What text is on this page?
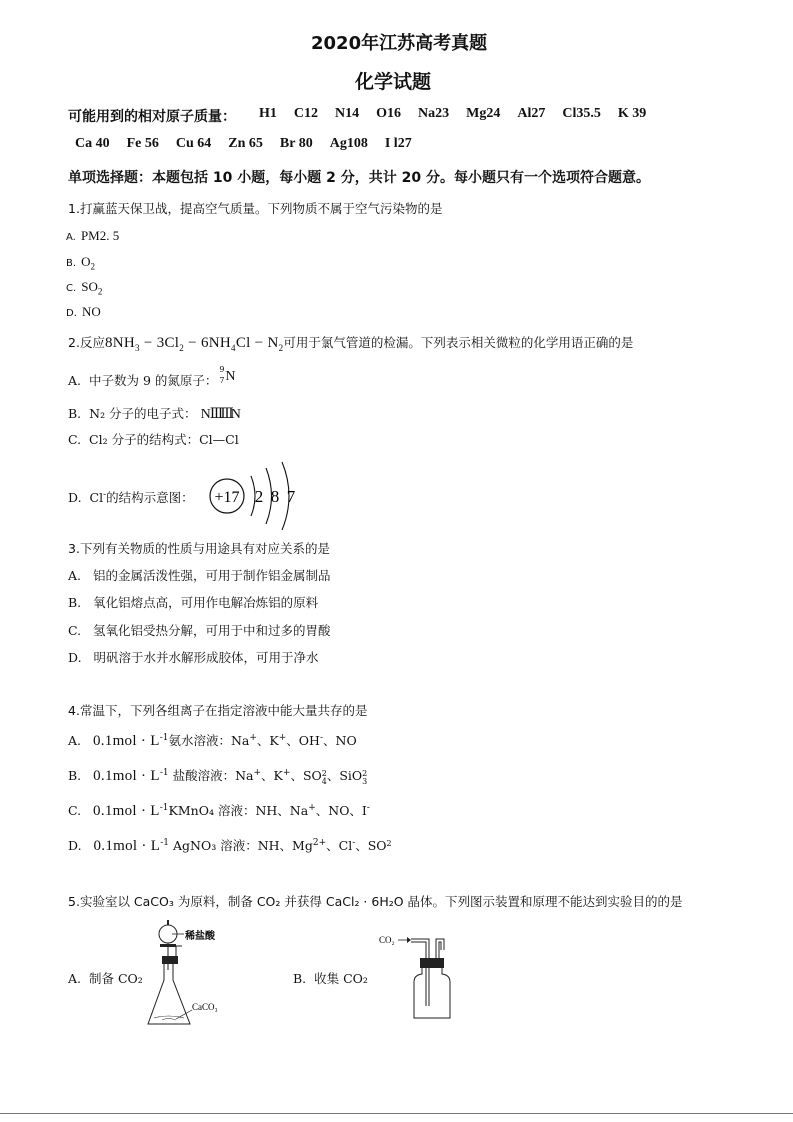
2020年江苏高考真题
化学试题
可能用到的相对原子质量： H1 C12 N14 O16 Na23 Mg24 Al27 Cl35.5 K 39
Ca 40 Fe 56 Cu 64 Zn 65 Br 80 Ag108 I l27
单项选择题：本题包括 10 小题，每小题 2 分，共计 20 分。每小题只有一个选项符合题意。
1.打赢蓝天保卫战，提高空气质量。下列物质不属于空气污染物的是
A. PM2. 5
B. $O_2$
C. $SO_2$
D. NO
2.反应$8NH_3 - 3Cl_2 - 6NH_4Cl - N_2$可用于氯气管道的检漏。下列表示相关微粒的化学用语正确的是
A. 中子数为 9 的氮原子：
9
7 N
B. N₂ 分子的电子式： NⅢⅢN
C. Cl₂ 分子的结构式：Cl—Cl
D. Cl-的结构示意图： +17 2 8 7
3.下列有关物质的性质与用途具有对应关系的是
A. 铝的金属活泼性强，可用于制作铝金属制品
B. 氧化铝熔点高，可用作电解冶炼铝的原料
C. 氢氧化铝受热分解，可用于中和过多的胃酸
D. 明矾溶于水并水解形成胶体，可用于净水
4.常温下，下列各组离子在指定溶液中能大量共存的是
A. $0.1mol \cdot L^{-1}$氨水溶液：Na+、K+、OH-、NO
B. $0.1mol \cdot L^{-1}$ 盐酸溶液：Na+、K+、SO2
4、SiO2
3
C. $0.1mol \cdot L^{-1}KMnO_4$ 溶液：NH、Na+、NO、I-
D. $0.1mol \cdot L^{-1}$ AgNO₃ 溶液：NH、$Mg^{2+}$、Cl-、SO2

5.实验室以 CaCO₃ 为原料，制备 CO₂ 并获得 CaCl₂ · 6H₂O 晶体。下列图示装置和原理不能达到实验目的的是
A. 制备 CO₂
稀盐酸
CaCO₃
B. 收集 CO₂
CO₂
